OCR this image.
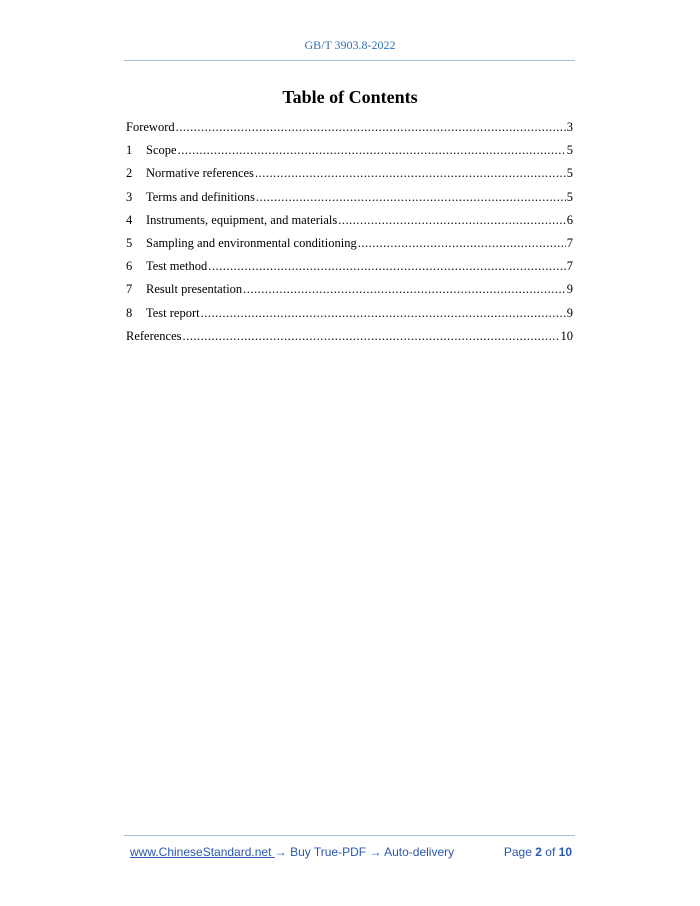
GB/T 3903.8-2022
Table of Contents
Foreword .....	3
1	Scope .....	5
2	Normative references .....	5
3	Terms and definitions .....	5
4	Instruments, equipment, and materials .....	6
5	Sampling and environmental conditioning .....	7
6	Test method .....	7
7	Result presentation .....	9
8	Test report .....	9
References .....	10
www.ChineseStandard.net → Buy True-PDF → Auto-delivery	Page 2 of 10
